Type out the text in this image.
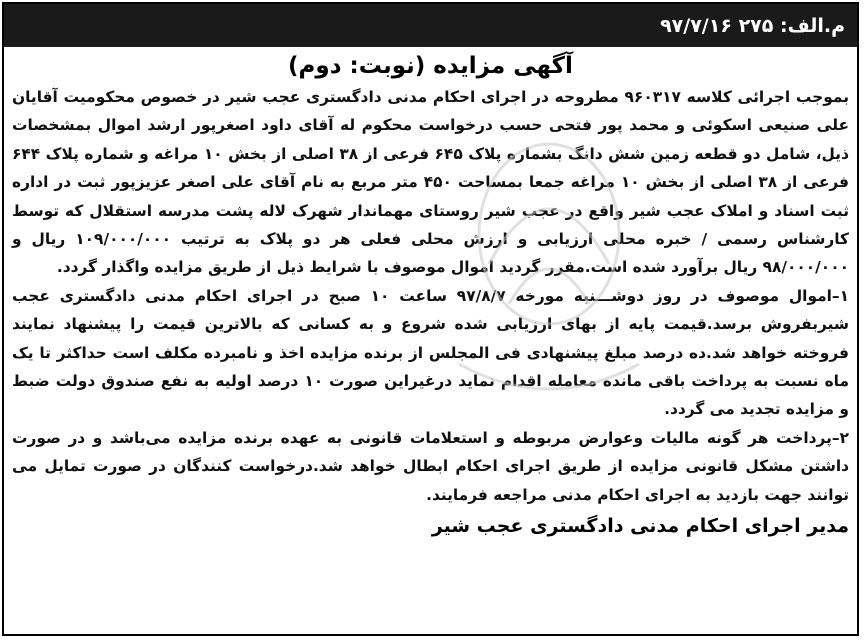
م.الف: ۲۷۵ ۹۷/۷/۱۶
آگهی مزایده (نوبت: دوم)

بموجب اجرائی کلاسه ۹۶۰۳۱۷ مطروحه در اجرای احکام مدنی دادگستری عجب شیر در خصوص محکومیت آقایان علی صنیعی اسکوئی و محمد پور فتحی حسب درخواست محکوم له آقای داود اصغرپور ارشد اموال بمشخصات ذیل، شامل دو قطعه زمین شش دانگ بشماره پلاک ۶۴۵ فرعی از ۳۸ اصلی از بخش ۱۰ مراغه و شماره پلاک ۶۴۴ فرعی از ۳۸ اصلی از بخش ۱۰ مراغه جمعا بمساحت ۴۵۰ متر مربع به نام آقای علی اصغر عزیزپور ثبت در اداره ثبت اسناد و املاک عجب شیر واقع در عجب شیر روستای مهماندار شهرک لاله پشت مدرسه استقلال که توسط کارشناس رسمی / خبره محلی ارزیابی و ارزش محلی فعلی هر دو پلاک به ترتیب ۱۰۹/۰۰۰/۰۰۰ ریال و ۹۸/۰۰۰/۰۰۰ ریال برآورد شده است.مقرر گردید اموال موصوف با شرایط ذیل از طریق مزایده واگذار گردد.

۱–اموال موصوف در روز دوشـــنبه مورخه ۹۷/۸/۷ ساعت ۱۰ صبح در اجرای احکام مدنی دادگستری عجب شیربفروش برسد.قیمت پایه از بهای ارزیابی شده شروع و به کسانی که بالاترین قیمت را پیشنهاد نمایند فروخته خواهد شد.ده درصد مبلغ پیشنهادی فی المجلس از برنده مزایده اخذ و نامبرده مکلف است حداکثر تا یک ماه نسبت به پرداخت باقی مانده معامله اقدام نماید درغیراین صورت ۱۰ درصد اولیه به نفع صندوق دولت ضبط و مزایده تجدید می گردد.

۲–پرداخت هر گونه مالیات وعوارض مربوطه و استعلامات قانونی به عهده برنده مزایده می‌باشد و در صورت داشتن مشکل قانونی مزایده از طریق اجرای احکام ابطال خواهد شد.درخواست کنندگان در صورت تمایل می توانند جهت بازدید به اجرای احکام مدنی مراجعه فرمایند.

مدیر اجرای احکام مدنی دادگستری عجب شیر
